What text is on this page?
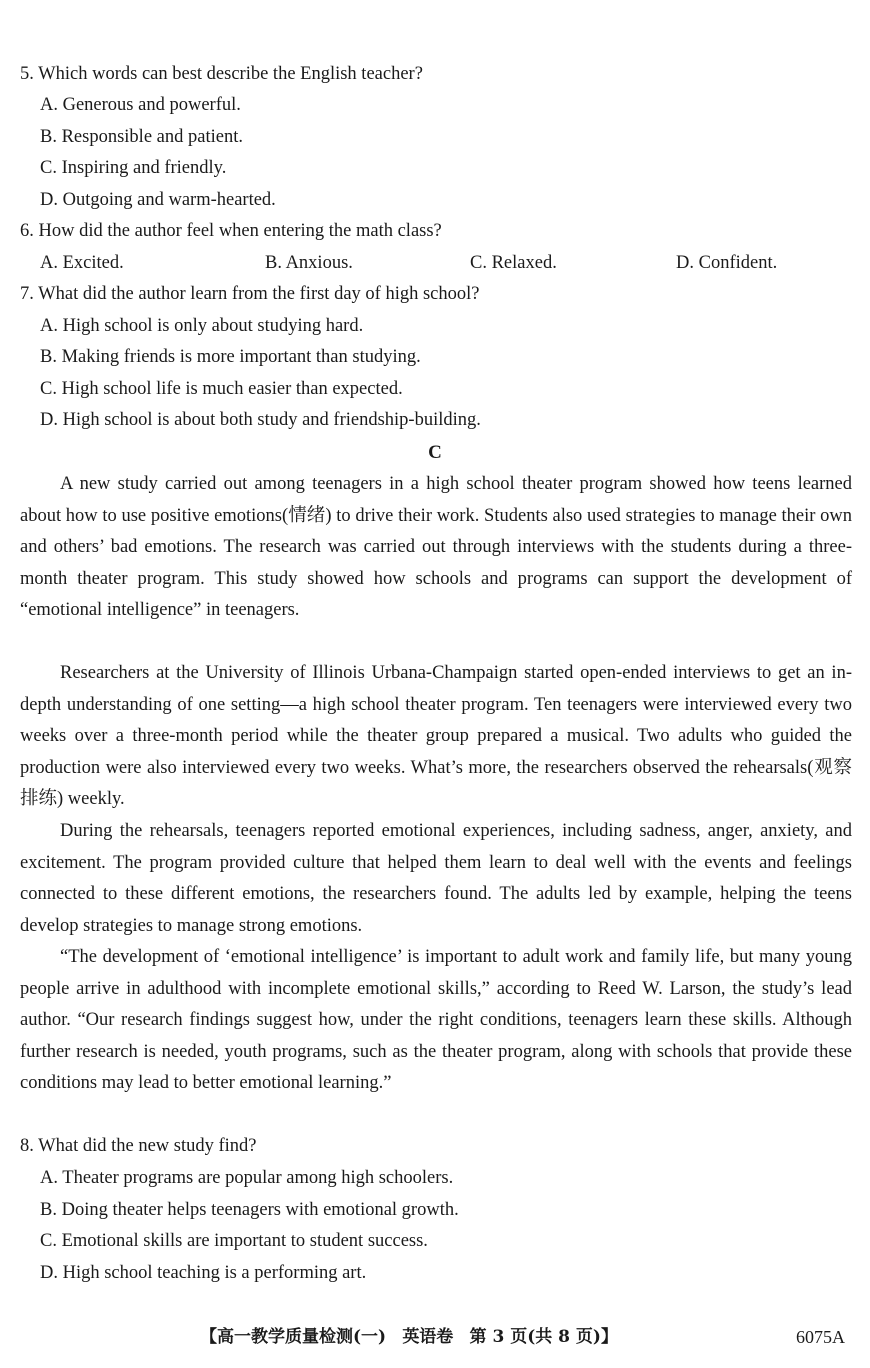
5. Which words can best describe the English teacher?
A. Generous and powerful.
B. Responsible and patient.
C. Inspiring and friendly.
D. Outgoing and warm-hearted.
6. How did the author feel when entering the math class?
A. Excited.	B. Anxious.	C. Relaxed.	D. Confident.
7. What did the author learn from the first day of high school?
A. High school is only about studying hard.
B. Making friends is more important than studying.
C. High school life is much easier than expected.
D. High school is about both study and friendship-building.
C

A new study carried out among teenagers in a high school theater program showed how teens learned about how to use positive emotions(情绪) to drive their work. Students also used strategies to manage their own and others’ bad emotions. The research was carried out through interviews with the students during a three-month theater program. This study showed how schools and programs can support the development of “emotional intelligence” in teenagers.

Researchers at the University of Illinois Urbana-Champaign started open-ended interviews to get an in-depth understanding of one setting—a high school theater program. Ten teenagers were interviewed every two weeks over a three-month period while the theater group prepared a musical. Two adults who guided the production were also interviewed every two weeks. What’s more, the researchers observed the rehearsals(观察排练) weekly.

During the rehearsals, teenagers reported emotional experiences, including sadness, anger, anxiety, and excitement. The program provided culture that helped them learn to deal well with the events and feelings connected to these different emotions, the researchers found. The adults led by example, helping the teens develop strategies to manage strong emotions.

“The development of ‘emotional intelligence’ is important to adult work and family life, but many young people arrive in adulthood with incomplete emotional skills,” according to Reed W. Larson, the study’s lead author. “Our research findings suggest how, under the right conditions, teenagers learn these skills. Although further research is needed, youth programs, such as the theater program, along with schools that provide these conditions may lead to better emotional learning.”

8. What did the new study find?
A. Theater programs are popular among high schoolers.
B. Doing theater helps teenagers with emotional growth.
C. Emotional skills are important to student success.
D. High school teaching is a performing art.
【高一教学质量检测(一) 英语卷 第 3 页(共 8 页)】	6075A
